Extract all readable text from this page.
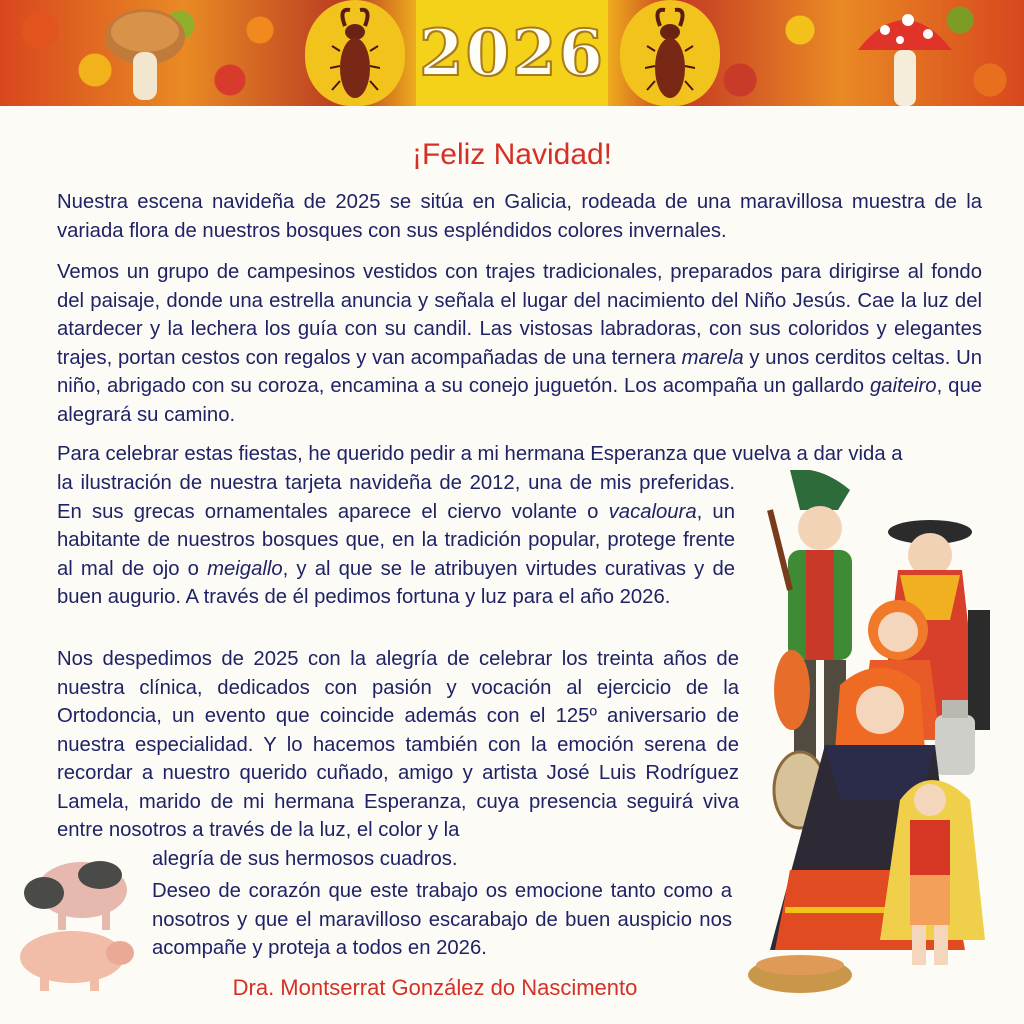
2026
¡Feliz Navidad!

Nuestra escena navideña de 2025 se sitúa en Galicia, rodeada de una maravillosa muestra de la variada flora de nuestros bosques con sus espléndidos colores invernales.

Vemos un grupo de campesinos vestidos con trajes tradicionales, preparados para dirigirse al fondo del paisaje, donde una estrella anuncia y señala el lugar del nacimiento del Niño Jesús. Cae la luz del atardecer y la lechera los guía con su candil. Las vistosas labradoras, con sus coloridos y elegantes trajes, portan cestos con regalos y van acompañadas de una ternera marela y unos cerditos celtas. Un niño, abrigado con su coroza, encamina a su conejo juguetón. Los acompaña un gallardo gaiteiro, que alegrará su camino.

Para celebrar estas fiestas, he querido pedir a mi hermana Esperanza que vuelva a dar vida a

la ilustración de nuestra tarjeta navideña de 2012, una de mis preferidas. En sus grecas ornamentales aparece el ciervo volante o vacaloura, un habitante de nuestros bosques que, en la tradición popular, protege frente al mal de ojo o meigallo, y al que se le atribuyen virtudes curativas y de buen augurio. A través de él pedimos fortuna y luz para el año 2026.

Nos despedimos de 2025 con la alegría de celebrar los treinta años de nuestra clínica, dedicados con pasión y vocación al ejercicio de la Ortodoncia, un evento que coincide además con el 125º aniversario de nuestra especialidad. Y lo hacemos también con la emoción serena de recordar a nuestro querido cuñado, amigo y artista José Luis Rodríguez Lamela, marido de mi hermana Esperanza, cuya presencia seguirá viva entre nosotros a través de la luz, el color y la
alegría de sus hermosos cuadros.

Deseo de corazón que este trabajo os emocione tanto como a nosotros y que el maravilloso escarabajo de buen auspicio nos acompañe y proteja a todos en 2026.

Dra. Montserrat González do Nascimento
